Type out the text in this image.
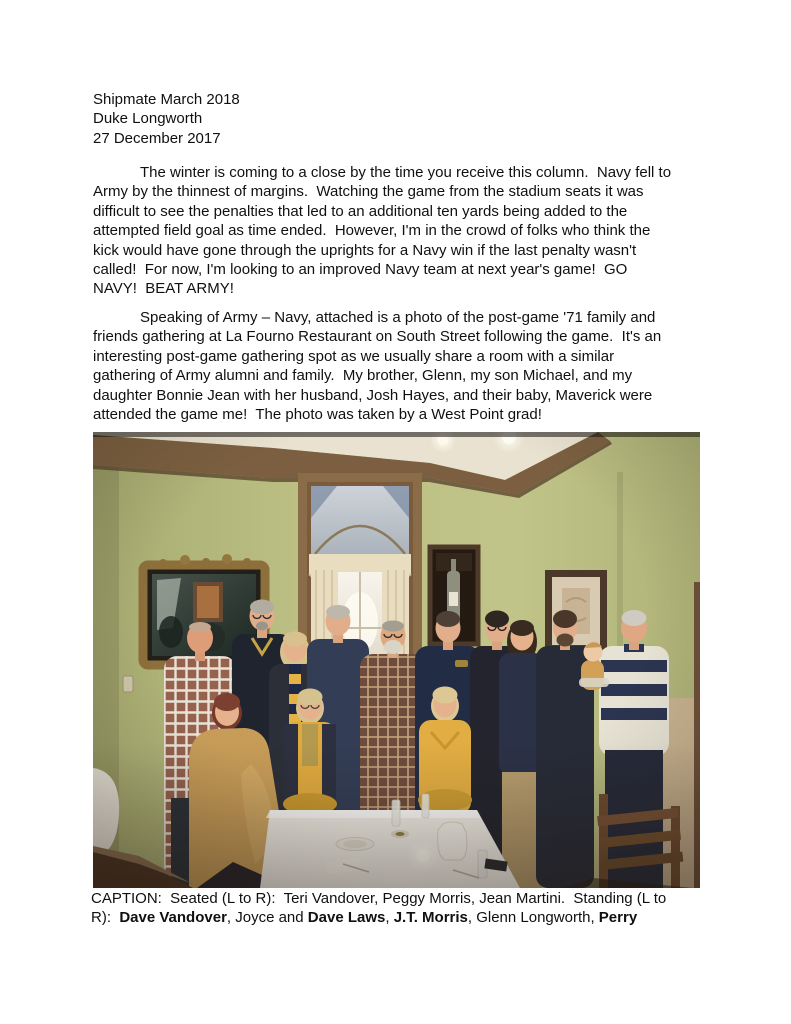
Shipmate March 2018
Duke Longworth
27 December 2017
The winter is coming to a close by the time you receive this column.  Navy fell to
Army by the thinnest of margins.  Watching the game from the stadium seats it was
difficult to see the penalties that led to an additional ten yards being added to the
attempted field goal as time ended.  However, I'm in the crowd of folks who think the
kick would have gone through the uprights for a Navy win if the last penalty wasn't
called!  For now, I'm looking to an improved Navy team at next year's game!  GO
NAVY!  BEAT ARMY!
Speaking of Army – Navy, attached is a photo of the post-game '71 family and
friends gathering at La Fourno Restaurant on South Street following the game.  It's an
interesting post-game gathering spot as we usually share a room with a similar
gathering of Army alumni and family.  My brother, Glenn, my son Michael, and my
daughter Bonnie Jean with her husband, Josh Hayes, and their baby, Maverick were
attended the game me!  The photo was taken by a West Point grad!
CAPTION:  Seated (L to R):  Teri Vandover, Peggy Morris, Jean Martini.  Standing (L to
R):  Dave Vandover, Joyce and Dave Laws, J.T. Morris, Glenn Longworth, Perry
